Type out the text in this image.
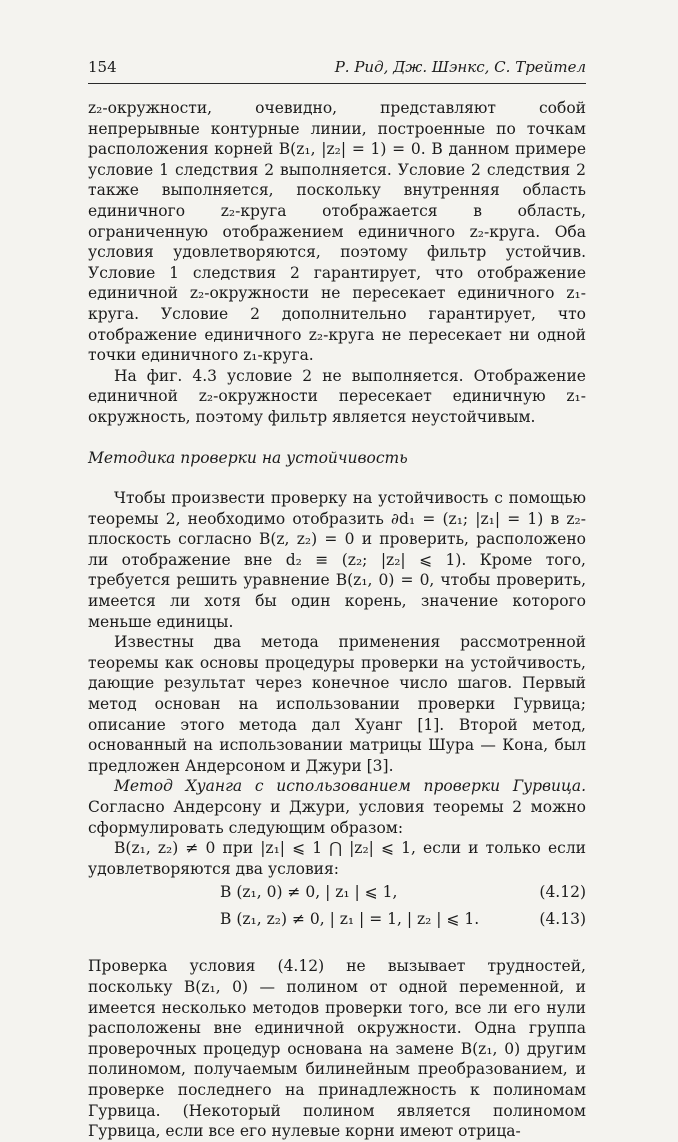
154	Р. Рид, Дж. Шэнкс, С. Трейтел

z₂-окружности, очевидно, представляют собой непрерывные контурные линии, построенные по точкам расположения корней B(z₁, |z₂| = 1) = 0. В данном примере условие 1 следствия 2 выполняется. Условие 2 следствия 2 также выполняется, поскольку внутренняя область единичного z₂-круга отображается в область, ограниченную отображением единичного z₂-круга. Оба условия удовлетворяются, поэтому фильтр устойчив. Условие 1 следствия 2 гарантирует, что отображение единичной z₂-окружности не пересекает единичного z₁-круга. Условие 2 дополнительно гарантирует, что отображение единичного z₂-круга не пересекает ни одной точки единичного z₁-круга.

На фиг. 4.3 условие 2 не выполняется. Отображение единичной z₂-окружности пересекает единичную z₁-окружность, поэтому фильтр является неустойчивым.

Методика проверки на устойчивость

Чтобы произвести проверку на устойчивость с помощью теоремы 2, необходимо отобразить ∂d₁ = (z₁; |z₁| = 1) в z₂-плоскость согласно B(z, z₂) = 0 и проверить, расположено ли отображение вне d₂ ≡ (z₂; |z₂| ⩽ 1). Кроме того, требуется решить уравнение B(z₁, 0) = 0, чтобы проверить, имеется ли хотя бы один корень, значение которого меньше единицы.

Известны два метода применения рассмотренной теоремы как основы процедуры проверки на устойчивость, дающие результат через конечное число шагов. Первый метод основан на использовании проверки Гурвица; описание этого метода дал Хуанг [1]. Второй метод, основанный на использовании матрицы Шура — Кона, был предложен Андерсоном и Джури [3].

Метод Хуанга с использованием проверки Гурвица. Согласно Андерсону и Джури, условия теоремы 2 можно сформулировать следующим образом:

B(z₁, z₂) ≠ 0 при |z₁| ⩽ 1 ⋂ |z₂| ⩽ 1, если и только если удовлетворяются два условия:

B (z₁, 0) ≠ 0, | z₁ | ⩽ 1,	(4.12)
B (z₁, z₂) ≠ 0, | z₁ | = 1, | z₂ | ⩽ 1.	(4.13)

Проверка условия (4.12) не вызывает трудностей, поскольку B(z₁, 0) — полином от одной переменной, и имеется несколько методов проверки того, все ли его нули расположены вне единичной окружности. Одна группа проверочных процедур основана на замене B(z₁, 0) другим полиномом, получаемым билинейным преобразованием, и проверке последнего на принадлежность к полиномам Гурвица. (Некоторый полином является полиномом Гурвица, если все его нулевые корни имеют отрица-
